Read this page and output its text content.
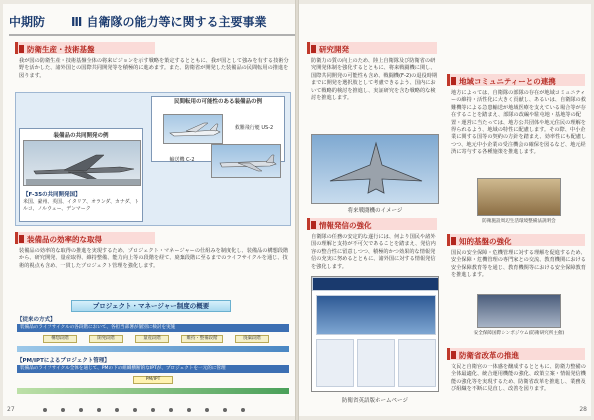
中期防 Ⅲ 自衛隊の能力等に関する主要事業
防衛生産・技術基盤
我が国の防衛生産・技術基盤全体の将来ビジョンを示す戦略を策定するとともに、我が国として強みを有する技術分野を活かした、諸外国との国際共同開発等を積極的に進めます。また、防衛省が開発した装備品の民間転用の推進を図ります。
民間転用の可能性のある装備品の例
救難飛行艇 US-2
輸送機 C-2
装備品の共同開発の例
【F-35の共同開発国】
米国、豪州、英国、イタリア、オランダ、カナダ、トルコ、ノルウェー、デンマーク
装備品の効率的な取得
装備品の効率的な取得の推進を実現するため、プロジェクト・マネージャーの仕組みを制度化し、装備品の構想段階から、研究開発、量産取得、維持整備、能力向上等の段階を経て、廃棄段階に至るまでのライフサイクルを通じ、技術的視点も含め、一貫したプロジェクト管理を強化します。
プロジェクト・マネージャー制度の概要
【従来の方式】
装備品のライフサイクルの各段階において、各担当部署が個別に検討を実施
構想段階	開発段階	量産段階	維持・整備段階	廃棄段階
【PM/IPTによるプロジェクト管理】
装備品のライフサイクル全体を通じて、PMの下の組織横断的なIPTが、プロジェクトを一元的に管理
PM/IPT
27
研究開発
防衛力の質の向上のため、陸上自衛隊及び防衛省の研究開発体制を強化するとともに、将来戦闘機に関し、国際共同開発の可能性も含め、戦闘機(F-2)の退役時期までに開発を選択肢として考慮できるよう、国内において戦略的検討を推進し、実証研究を含む戦略的な検討を推進します。
将来戦闘機のイメージ
情報発信の強化
自衛隊の任務の安定的な遂行には、何より国民や諸外国の理解と支持が不可欠であることを踏まえ、発信内容の整合性に留意しつつ、積極的かつ効果的な情報発信の充実に努めるとともに、諸外国に対する情報発信を強化します。
防衛省英語版ホームページ
地域コミュニティーとの連携
地方によっては、自衛隊の部隊の存在が地域コミュニティーの維持・活性化に大きく貢献し、あるいは、自衛隊の救難機等による急患輸送が地域医療を支えている場合等が存在することを踏まえ、部隊の改編や駐屯地・基地等の配置・運営に当たっては、地方公共団体や地元住民の理解を得られるよう、地域の特性に配慮します。その際、中小企業に関する国等の契約の方針を踏まえ、効率性にも配慮しつつ、地元中小企業の受注機会の確保を図るなど、地元経済に寄与する各種施策を推進します。
防衛施設周辺生活環境整備法説明会
知的基盤の強化
国民の安全保障・危機管理に対する理解を促進するため、安全保障・危機管理の専門家との交流、教育機関における安全保障教育等を通じ、教育機関等における安全保障教育を推進します。
安全保障国際シンポジウム(防衛研究所主催)
防衛省改革の推進
文民と自衛官の一体感を醸成するとともに、防衛力整備の全体最適化、統合運用機能の強化、政策立案・情報発信機能の強化等を実現するため、防衛省改革を推進し、業務及び組織を不断に見直し、改善を図ります。
28
